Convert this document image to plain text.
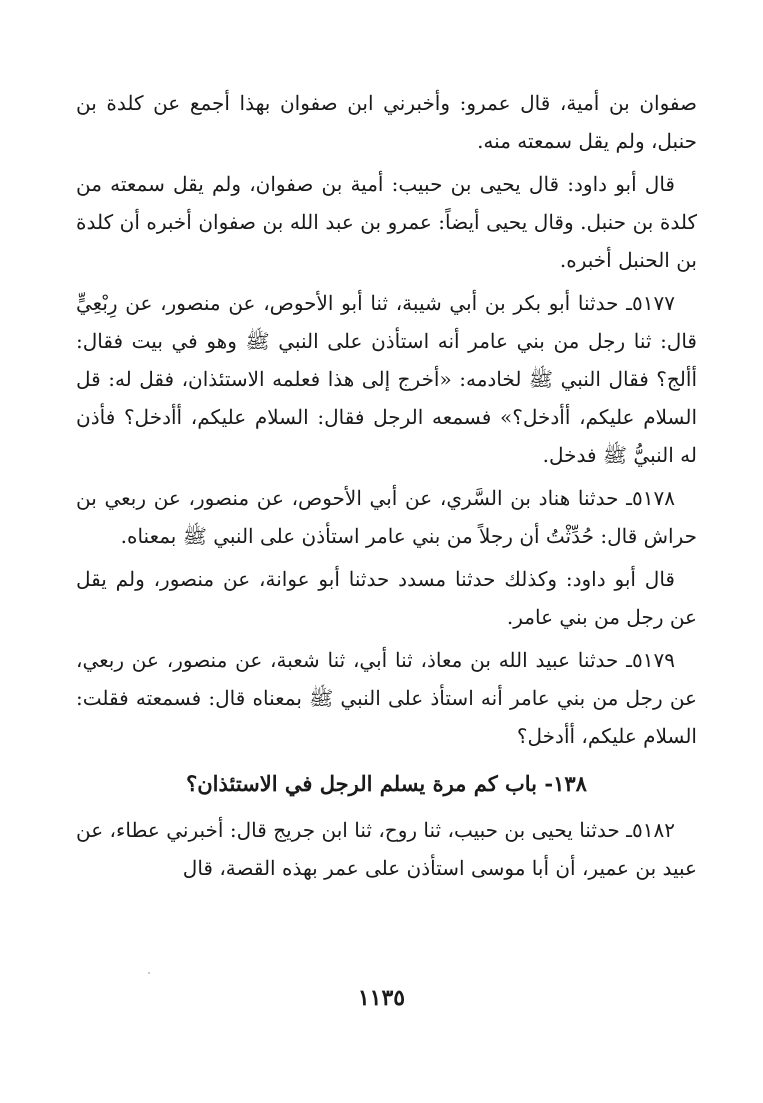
صفوان بن أمية، قال عمرو: وأخبرني ابن صفوان بهذا أجمع عن كلدة بن حنبل، ولم يقل سمعته منه.

قال أبو داود: قال يحيى بن حبيب: أمية بن صفوان، ولم يقل سمعته من كلدة بن حنبل. وقال يحيى أيضاً: عمرو بن عبد الله بن صفوان أخبره أن كلدة بن الحنبل أخبره.

٥١٧٧ـ حدثنا أبو بكر بن أبي شيبة، ثنا أبو الأحوص، عن منصور، عن رِبْعِيٍّ قال: ثنا رجل من بني عامر أنه استأذن على النبي ﷺ وهو في بيت فقال: أألج؟ فقال النبي ﷺ لخادمه: «أخرج إلى هذا فعلمه الاستئذان، فقل له: قل السلام عليكم، أأدخل؟» فسمعه الرجل فقال: السلام عليكم، أأدخل؟ فأذن له النبيُّ ﷺ فدخل.

٥١٧٨ـ حدثنا هناد بن السَّري، عن أبي الأحوص، عن منصور، عن ربعي بن حراش قال: حُدِّثْتُ أن رجلاً من بني عامر استأذن على النبي ﷺ بمعناه.

قال أبو داود: وكذلك حدثنا مسدد حدثنا أبو عوانة، عن منصور، ولم يقل عن رجل من بني عامر.

٥١٧٩ـ حدثنا عبيد الله بن معاذ، ثنا أبي، ثنا شعبة، عن منصور، عن ربعي، عن رجل من بني عامر أنه استأذ على النبي ﷺ بمعناه قال: فسمعته فقلت: السلام عليكم، أأدخل؟

١٣٨- باب كم مرة يسلم الرجل في الاستئذان؟

٥١٨٢ـ حدثنا يحيى بن حبيب، ثنا روح، ثنا ابن جريج قال: أخبرني عطاء، عن عبيد بن عمير، أن أبا موسى استأذن على عمر بهذه القصة، قال

١١٣٥
